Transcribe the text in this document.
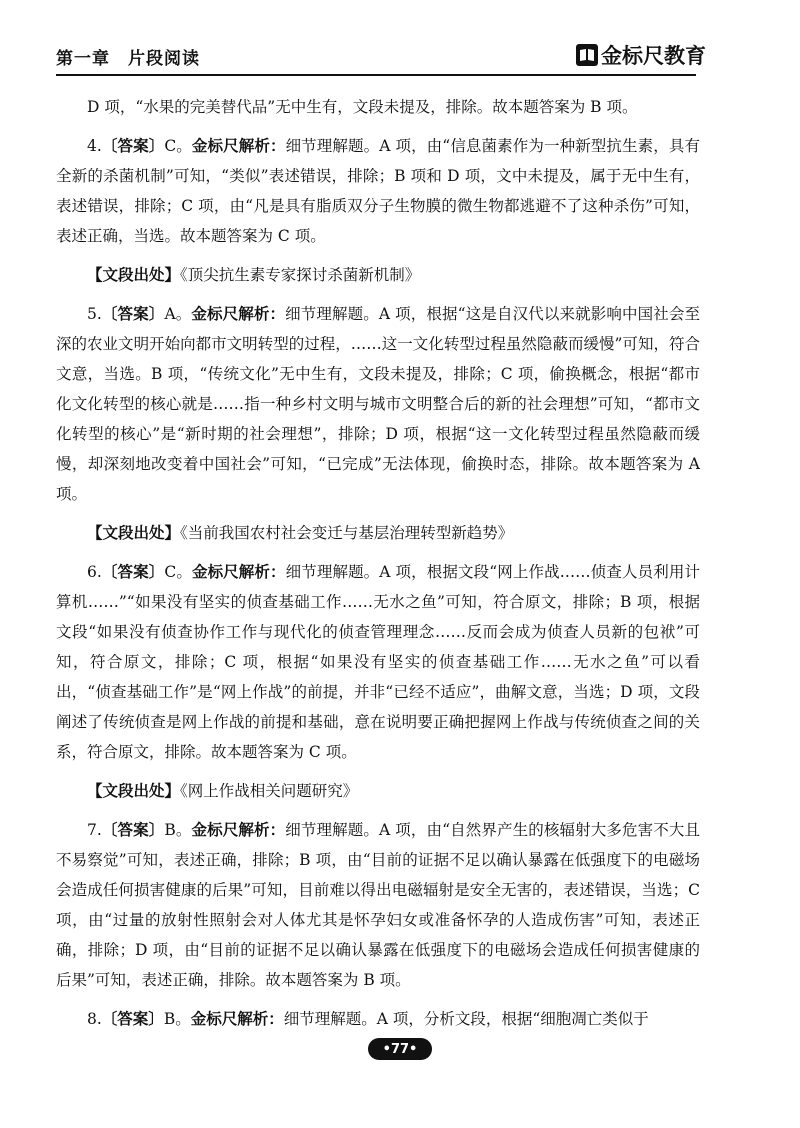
第一章　片段阅读	金标尺教育

D 项，“水果的完美替代品”无中生有，文段未提及，排除。故本题答案为 B 项。

4.〔答案〕C。金标尺解析：细节理解题。A 项，由“信息菌素作为一种新型抗生素，具有全新的杀菌机制”可知，“类似”表述错误，排除；B 项和 D 项，文中未提及，属于无中生有，表述错误，排除；C 项，由“凡是具有脂质双分子生物膜的微生物都逃避不了这种杀伤”可知，表述正确，当选。故本题答案为 C 项。

【文段出处】《顶尖抗生素专家探讨杀菌新机制》

5.〔答案〕A。金标尺解析：细节理解题。A 项，根据“这是自汉代以来就影响中国社会至深的农业文明开始向都市文明转型的过程，……这一文化转型过程虽然隐蔽而缓慢”可知，符合文意，当选。B 项，“传统文化”无中生有，文段未提及，排除；C 项，偷换概念，根据“都市化文化转型的核心就是……指一种乡村文明与城市文明整合后的新的社会理想”可知，“都市文化转型的核心”是“新时期的社会理想”，排除；D 项，根据“这一文化转型过程虽然隐蔽而缓慢，却深刻地改变着中国社会”可知，“已完成”无法体现，偷换时态，排除。故本题答案为 A 项。

【文段出处】《当前我国农村社会变迁与基层治理转型新趋势》

6.〔答案〕C。金标尺解析：细节理解题。A 项，根据文段“网上作战……侦查人员利用计算机……”“如果没有坚实的侦查基础工作……无水之鱼”可知，符合原文，排除；B 项，根据文段“如果没有侦查协作工作与现代化的侦查管理理念……反而会成为侦查人员新的包袱”可知，符合原文，排除；C 项，根据“如果没有坚实的侦查基础工作……无水之鱼”可以看出，“侦查基础工作”是“网上作战”的前提，并非“已经不适应”，曲解文意，当选；D 项，文段阐述了传统侦查是网上作战的前提和基础，意在说明要正确把握网上作战与传统侦查之间的关系，符合原文，排除。故本题答案为 C 项。

【文段出处】《网上作战相关问题研究》

7.〔答案〕B。金标尺解析：细节理解题。A 项，由“自然界产生的核辐射大多危害不大且不易察觉”可知，表述正确，排除；B 项，由“目前的证据不足以确认暴露在低强度下的电磁场会造成任何损害健康的后果”可知，目前难以得出电磁辐射是安全无害的，表述错误，当选；C 项，由“过量的放射性照射会对人体尤其是怀孕妇女或准备怀孕的人造成伤害”可知，表述正确，排除；D 项，由“目前的证据不足以确认暴露在低强度下的电磁场会造成任何损害健康的后果”可知，表述正确，排除。故本题答案为 B 项。

8.〔答案〕B。金标尺解析：细节理解题。A 项，分析文段，根据“细胞凋亡类似于

•77•
